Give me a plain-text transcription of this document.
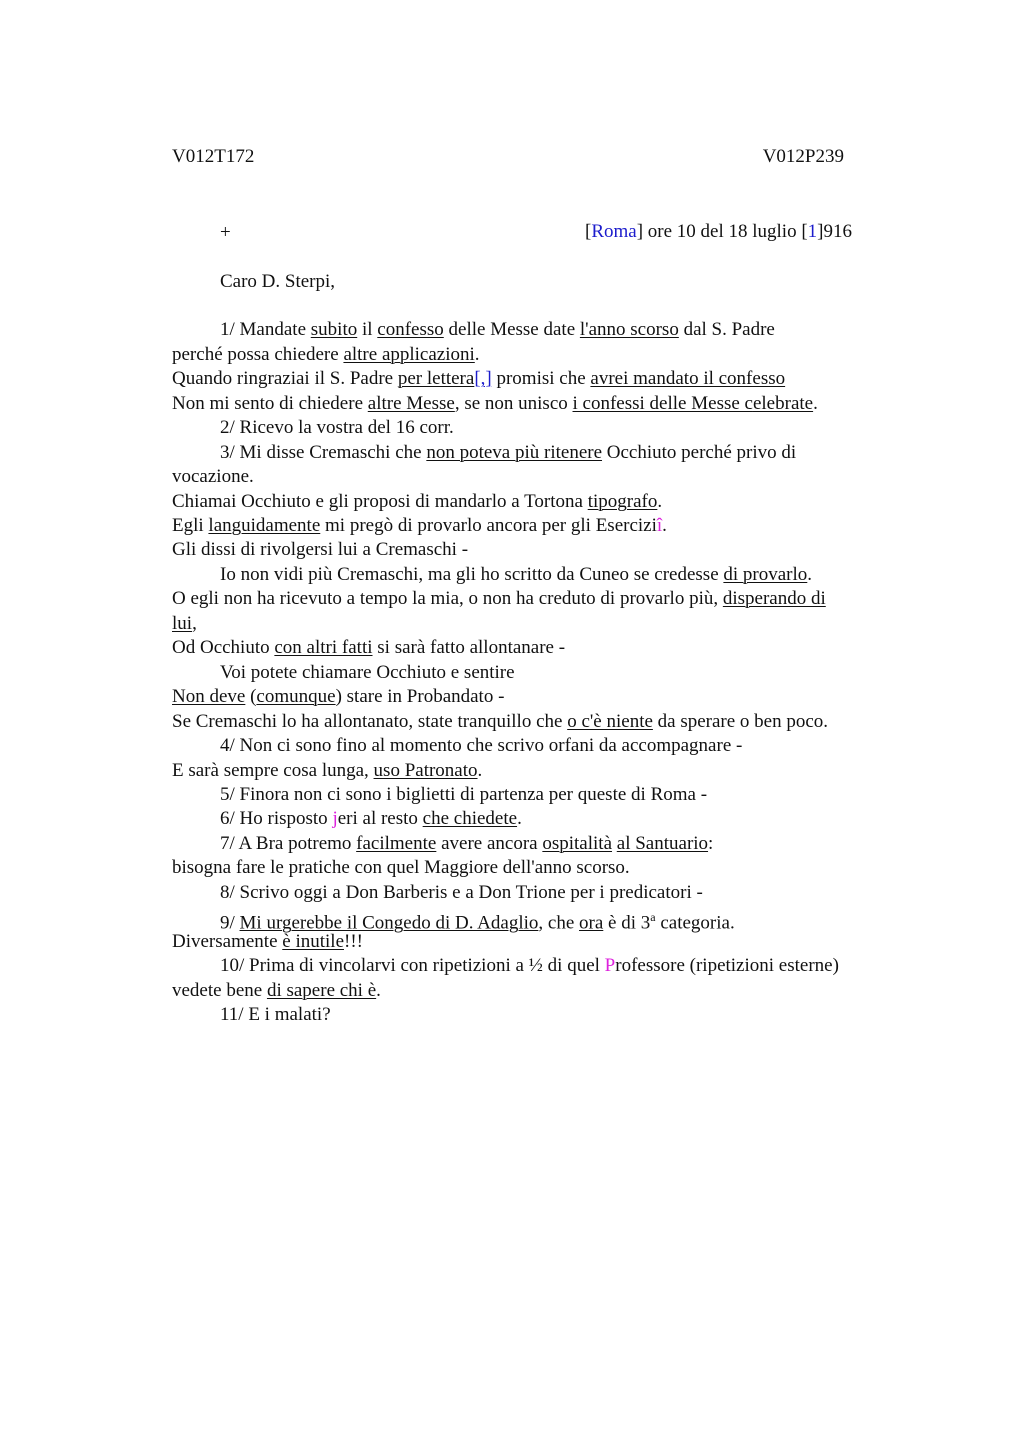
V012T172	V012P239
+	[Roma] ore 10 del 18 luglio [1]916
Caro D. Sterpi,
1/ Mandate subito il confesso delle Messe date l'anno scorso dal S. Padre
perché possa chiedere altre applicazioni.
Quando ringraziai il S. Padre per lettera[,] promisi che avrei mandato il confesso
Non mi sento di chiedere altre Messe, se non unisco i confessi delle Messe celebrate.
2/ Ricevo la vostra del 16 corr.
3/ Mi disse Cremaschi che non poteva più ritenere Occhiuto perché privo di
vocazione.
Chiamai Occhiuto e gli proposi di mandarlo a Tortona tipografo.
Egli languidamente mi pregò di provarlo ancora per gli Eserciziî.
Gli dissi di rivolgersi lui a Cremaschi -
Io non vidi più Cremaschi, ma gli ho scritto da Cuneo se credesse di provarlo.
O egli non ha ricevuto a tempo la mia, o non ha creduto di provarlo più, disperando di
lui,
Od Occhiuto con altri fatti si sarà fatto allontanare -
Voi potete chiamare Occhiuto e sentire
Non deve (comunque) stare in Probandato -
Se Cremaschi lo ha allontanato, state tranquillo che o c'è niente da sperare o ben poco.
4/ Non ci sono fino al momento che scrivo orfani da accompagnare -
E sarà sempre cosa lunga, uso Patronato.
5/ Finora non ci sono i biglietti di partenza per queste di Roma -
6/ Ho risposto jeri al resto che chiedete.
7/ A Bra potremo facilmente avere ancora ospitalità al Santuario:
bisogna fare le pratiche con quel Maggiore dell'anno scorso.
8/ Scrivo oggi a Don Barberis e a Don Trione per i predicatori -
9/ Mi urgerebbe il Congedo di D. Adaglio, che ora è di 3$^a$ categoria.
Diversamente è inutile!!!
10/ Prima di vincolarvi con ripetizioni a ½ di quel Professore (ripetizioni esterne)
vedete bene di sapere chi è.
11/ E i malati?
